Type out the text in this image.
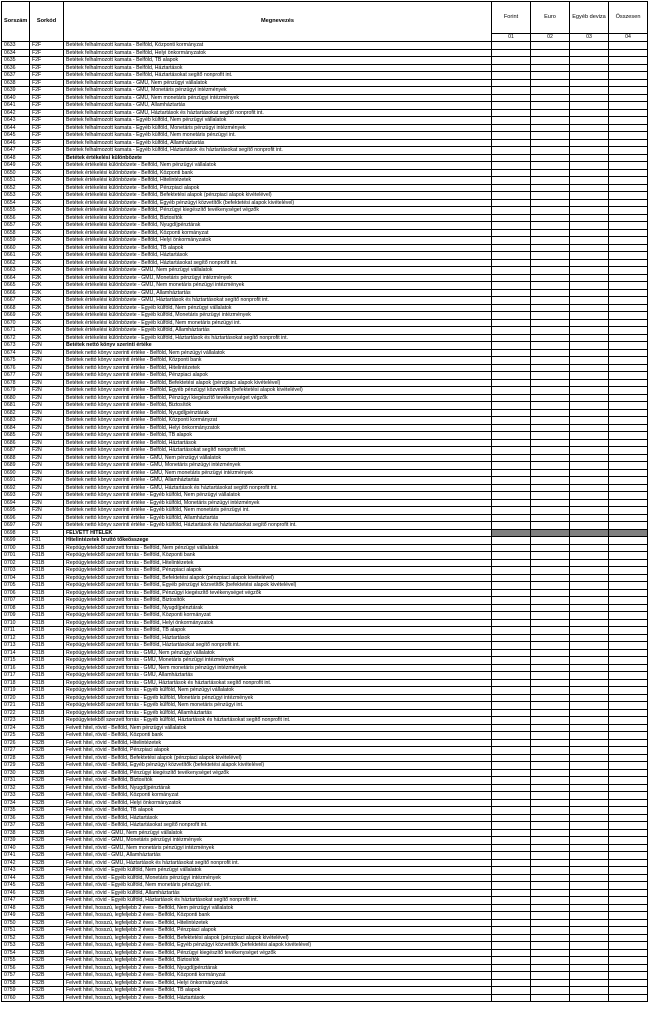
Sorszám	Sorkód	Megnevezés	Forint	Euro	Egyéb deviza	Összesen
			01	02	03	04
0633	F2F	Betétek felhalmozott kamata - Belföld, Központi kormányzat				
0634	F2F	Betétek felhalmozott kamata - Belföld, Helyi önkormányzatok				
0635	F2F	Betétek felhalmozott kamata - Belföld, TB alapok				
0636	F2F	Betétek felhalmozott kamata - Belföld, Háztartások				
0637	F2F	Betétek felhalmozott kamata - Belföld, Háztartásokat segítő nonprofit int.				
0638	F2F	Betétek felhalmozott kamata - GMU, Nem pénzügyi vállalatok				
0639	F2F	Betétek felhalmozott kamata - GMU, Monetáris pénzügyi intézmények				
0640	F2F	Betétek felhalmozott kamata - GMU, Nem monetáris pénzügyi intézmények				
0641	F2F	Betétek felhalmozott kamata - GMU, Államháztartás				
0642	F2F	Betétek felhalmozott kamata - GMU, Háztartások és háztartásokat segítő nonprofit int.				
0643	F2F	Betétek felhalmozott kamata - Egyéb külföld, Nem pénzügyi vállalatok				
0644	F2F	Betétek felhalmozott kamata - Egyéb külföld, Monetáris pénzügyi intézmények				
0645	F2F	Betétek felhalmozott kamata - Egyéb külföld, Nem monetáris pénzügyi int.				
0646	F2F	Betétek felhalmozott kamata - Egyéb külföld, Államháztartás				
0647	F2F	Betétek felhalmozott kamata - Egyéb külföld, Háztartások és háztartásokat segítő nonprofit int.				
0648	F2K	Betétek értékelési különbözete				
0649	F2K	Betétek értékelési különbözete - Belföld, Nem pénzügyi vállalatok				
0650	F2K	Betétek értékelési különbözete - Belföld, Központi bank				
0651	F2K	Betétek értékelési különbözete - Belföld, Hitelintézetek				
0652	F2K	Betétek értékelési különbözete - Belföld, Pénzpiaci alapok				
0653	F2K	Betétek értékelési különbözete - Belföld, Befektetési alapok (pénzpiaci alapok kivételével)				
0654	F2K	Betétek értékelési különbözete - Belföld, Egyéb pénzügyi közvetítők (befektetési alapok kivételével)				
0655	F2K	Betétek értékelési különbözete - Belföld, Pénzügyi kiegészítő tevékenységet végzők				
0656	F2K	Betétek értékelési különbözete - Belföld, Biztosítók				
0657	F2K	Betétek értékelési különbözete - Belföld, Nyugdíjpénztárak				
0658	F2K	Betétek értékelési különbözete - Belföld, Központi kormányzat				
0659	F2K	Betétek értékelési különbözete - Belföld, Helyi önkormányzatok				
0660	F2K	Betétek értékelési különbözete - Belföld, TB alapok				
0661	F2K	Betétek értékelési különbözete - Belföld, Háztartások				
0662	F2K	Betétek értékelési különbözete - Belföld, Háztartásokat segítő nonprofit int.				
0663	F2K	Betétek értékelési különbözete - GMU, Nem pénzügyi vállalatok				
0664	F2K	Betétek értékelési különbözete - GMU, Monetáris pénzügyi intézmények				
0665	F2K	Betétek értékelési különbözete - GMU, Nem monetáris pénzügyi intézmények				
0666	F2K	Betétek értékelési különbözete - GMU, Államháztartás				
0667	F2K	Betétek értékelési különbözete - GMU, Háztartások és háztartásokat segítő nonprofit int.				
0668	F2K	Betétek értékelési különbözete - Egyéb külföld, Nem pénzügyi vállalatok				
0669	F2K	Betétek értékelési különbözete - Egyéb külföld, Monetáris pénzügyi intézmények				
0670	F2K	Betétek értékelési különbözete - Egyéb külföld, Nem monetáris pénzügyi int.				
0671	F2K	Betétek értékelési különbözete - Egyéb külföld, Államháztartás				
0672	F2K	Betétek értékelési különbözete - Egyéb külföld, Háztartások és háztartásokat segítő nonprofit int.				
0673	F2N	Betétek nettó könyv szerinti értéke				
0674	F2N	Betétek nettó könyv szerinti értéke - Belföld, Nem pénzügyi vállalatok				
0675	F2N	Betétek nettó könyv szerinti értéke - Belföld, Központi bank				
0676	F2N	Betétek nettó könyv szerinti értéke - Belföld, Hitelintézetek				
0677	F2N	Betétek nettó könyv szerinti értéke - Belföld, Pénzpiaci alapok				
0678	F2N	Betétek nettó könyv szerinti értéke - Belföld, Befektetési alapok (pénzpiaci alapok kivételével)				
0679	F2N	Betétek nettó könyv szerinti értéke - Belföld, Egyéb pénzügyi közvetítők (befektetési alapok kivételével)				
0680	F2N	Betétek nettó könyv szerinti értéke - Belföld, Pénzügyi kiegészítő tevékenységet végzők				
0681	F2N	Betétek nettó könyv szerinti értéke - Belföld, Biztosítók				
0682	F2N	Betétek nettó könyv szerinti értéke - Belföld, Nyugdíjpénztárak				
0683	F2N	Betétek nettó könyv szerinti értéke - Belföld, Központi kormányzat				
0684	F2N	Betétek nettó könyv szerinti értéke - Belföld, Helyi önkormányzatok				
0685	F2N	Betétek nettó könyv szerinti értéke - Belföld, TB alapok				
0686	F2N	Betétek nettó könyv szerinti értéke - Belföld, Háztartások				
0687	F2N	Betétek nettó könyv szerinti értéke - Belföld, Háztartásokat segítő nonprofit int.				
0688	F2N	Betétek nettó könyv szerinti értéke - GMU, Nem pénzügyi vállalatok				
0689	F2N	Betétek nettó könyv szerinti értéke - GMU, Monetáris pénzügyi intézmények				
0690	F2N	Betétek nettó könyv szerinti értéke - GMU, Nem monetáris pénzügyi intézmények				
0691	F2N	Betétek nettó könyv szerinti értéke - GMU, Államháztartás				
0692	F2N	Betétek nettó könyv szerinti értéke - GMU, Háztartások és háztartásokat segítő nonprofit int.				
0693	F2N	Betétek nettó könyv szerinti értéke - Egyéb külföld, Nem pénzügyi vállalatok				
0694	F2N	Betétek nettó könyv szerinti értéke - Egyéb külföld, Monetáris pénzügyi intézmények				
0695	F2N	Betétek nettó könyv szerinti értéke - Egyéb külföld, Nem monetáris pénzügyi int.				
0696	F2N	Betétek nettó könyv szerinti értéke - Egyéb külföld, Államháztartás				
0697	F2N	Betétek nettó könyv szerinti értéke - Egyéb külföld, Háztartások és háztartásokat segítő nonprofit int.				
0698	F3	FELVETT HITELEK				
0699	F31	Hitelintézetek bruttó tőkeösszege				
0700	F31B	Repóügyletekből szerzett forrás - Belföld, Nem pénzügyi vállalatok				
0701	F31B	Repóügyletekből szerzett forrás - Belföld, Központi bank				
0702	F31B	Repóügyletekből szerzett forrás - Belföld, Hitelintézetek				
0703	F31B	Repóügyletekből szerzett forrás - Belföld, Pénzpiaci alapok				
0704	F31B	Repóügyletekből szerzett forrás - Belföld, Befektetési alapok (pénzpiaci alapok kivételével)				
0705	F31B	Repóügyletekből szerzett forrás - Belföld, Egyéb pénzügyi közvetítők (befektetési alapok kivételével)				
0706	F31B	Repóügyletekből szerzett forrás - Belföld, Pénzügyi kiegészítő tevékenységet végzők				
0707	F31B	Repóügyletekből szerzett forrás - Belföld, Biztosítók				
0708	F31B	Repóügyletekből szerzett forrás - Belföld, Nyugdíjpénztárak				
0709	F31B	Repóügyletekből szerzett forrás - Belföld, Központi kormányzat				
0710	F31B	Repóügyletekből szerzett forrás - Belföld, Helyi önkormányzatok				
0711	F31B	Repóügyletekből szerzett forrás - Belföld, TB alapok				
0712	F31B	Repóügyletekből szerzett forrás - Belföld, Háztartások				
0713	F31B	Repóügyletekből szerzett forrás - Belföld, Háztartásokat segítő nonprofit int.				
0714	F31B	Repóügyletekből szerzett forrás - GMU, Nem pénzügyi vállalatok				
0715	F31B	Repóügyletekből szerzett forrás - GMU, Monetáris pénzügyi intézmények				
0716	F31B	Repóügyletekből szerzett forrás - GMU, Nem monetáris pénzügyi intézmények				
0717	F31B	Repóügyletekből szerzett forrás - GMU, Államháztartás				
0718	F31B	Repóügyletekből szerzett forrás - GMU, Háztartások és háztartásokat segítő nonprofit int.				
0719	F31B	Repóügyletekből szerzett forrás - Egyéb külföld, Nem pénzügyi vállalatok				
0720	F31B	Repóügyletekből szerzett forrás - Egyéb külföld, Monetáris pénzügyi intézmények				
0721	F31B	Repóügyletekből szerzett forrás - Egyéb külföld, Nem monetáris pénzügyi int.				
0722	F31B	Repóügyletekből szerzett forrás - Egyéb külföld, Államháztartás				
0723	F31B	Repóügyletekből szerzett forrás - Egyéb külföld, Háztartások és háztartásokat segítő nonprofit int.				
0724	F32B	Felvett hitel, rövid - Belföld, Nem pénzügyi vállalatok				
0725	F32B	Felvett hitel, rövid - Belföld, Központi bank				
0726	F32B	Felvett hitel, rövid - Belföld, Hitelintézetek				
0727	F32B	Felvett hitel, rövid - Belföld, Pénzpiaci alapok				
0728	F32B	Felvett hitel, rövid - Belföld, Befektetési alapok (pénzpiaci alapok kivételével)				
0729	F32B	Felvett hitel, rövid - Belföld, Egyéb pénzügyi közvetítők (befektetési alapok kivételével)				
0730	F32B	Felvett hitel, rövid - Belföld, Pénzügyi kiegészítő tevékenységet végzők				
0731	F32B	Felvett hitel, rövid - Belföld, Biztosítók				
0732	F32B	Felvett hitel, rövid - Belföld, Nyugdíjpénztárak				
0733	F32B	Felvett hitel, rövid - Belföld, Központi kormányzat				
0734	F32B	Felvett hitel, rövid - Belföld, Helyi önkormányzatok				
0735	F32B	Felvett hitel, rövid - Belföld, TB alapok				
0736	F32B	Felvett hitel, rövid - Belföld, Háztartások				
0737	F32B	Felvett hitel, rövid - Belföld, Háztartásokat segítő nonprofit int.				
0738	F32B	Felvett hitel, rövid - GMU, Nem pénzügyi vállalatok				
0739	F32B	Felvett hitel, rövid - GMU, Monetáris pénzügyi intézmények				
0740	F32B	Felvett hitel, rövid - GMU, Nem monetáris pénzügyi intézmények				
0741	F32B	Felvett hitel, rövid - GMU, Államháztartás				
0742	F32B	Felvett hitel, rövid - GMU, Háztartások és háztartásokat segítő nonprofit int.				
0743	F32B	Felvett hitel, rövid - Egyéb külföld, Nem pénzügyi vállalatok				
0744	F32B	Felvett hitel, rövid - Egyéb külföld, Monetáris pénzügyi intézmények				
0745	F32B	Felvett hitel, rövid - Egyéb külföld, Nem monetáris pénzügyi int.				
0746	F32B	Felvett hitel, rövid - Egyéb külföld, Államháztartás				
0747	F32B	Felvett hitel, rövid - Egyéb külföld, Háztartások és háztartásokat segítő nonprofit int.				
0748	F32B	Felvett hitel, hosszú, legfeljebb 2 éves - Belföld, Nem pénzügyi vállalatok				
0749	F32B	Felvett hitel, hosszú, legfeljebb 2 éves - Belföld, Központi bank				
0750	F32B	Felvett hitel, hosszú, legfeljebb 2 éves - Belföld, Hitelintézetek				
0751	F32B	Felvett hitel, hosszú, legfeljebb 2 éves - Belföld, Pénzpiaci alapok				
0752	F32B	Felvett hitel, hosszú, legfeljebb 2 éves - Belföld, Befektetési alapok (pénzpiaci alapok kivételével)				
0753	F32B	Felvett hitel, hosszú, legfeljebb 2 éves - Belföld, Egyéb pénzügyi közvetítők (befektetési alapok kivételével)				
0754	F32B	Felvett hitel, hosszú, legfeljebb 2 éves - Belföld, Pénzügyi kiegészítő tevékenységet végzők				
0755	F32B	Felvett hitel, hosszú, legfeljebb 2 éves - Belföld, Biztosítók				
0756	F32B	Felvett hitel, hosszú, legfeljebb 2 éves - Belföld, Nyugdíjpénztárak				
0757	F32B	Felvett hitel, hosszú, legfeljebb 2 éves - Belföld, Központi kormányzat				
0758	F32B	Felvett hitel, hosszú, legfeljebb 2 éves - Belföld, Helyi önkormányzatok				
0759	F32B	Felvett hitel, hosszú, legfeljebb 2 éves - Belföld, TB alapok				
0760	F32B	Felvett hitel, hosszú, legfeljebb 2 éves - Belföld, Háztartások				
